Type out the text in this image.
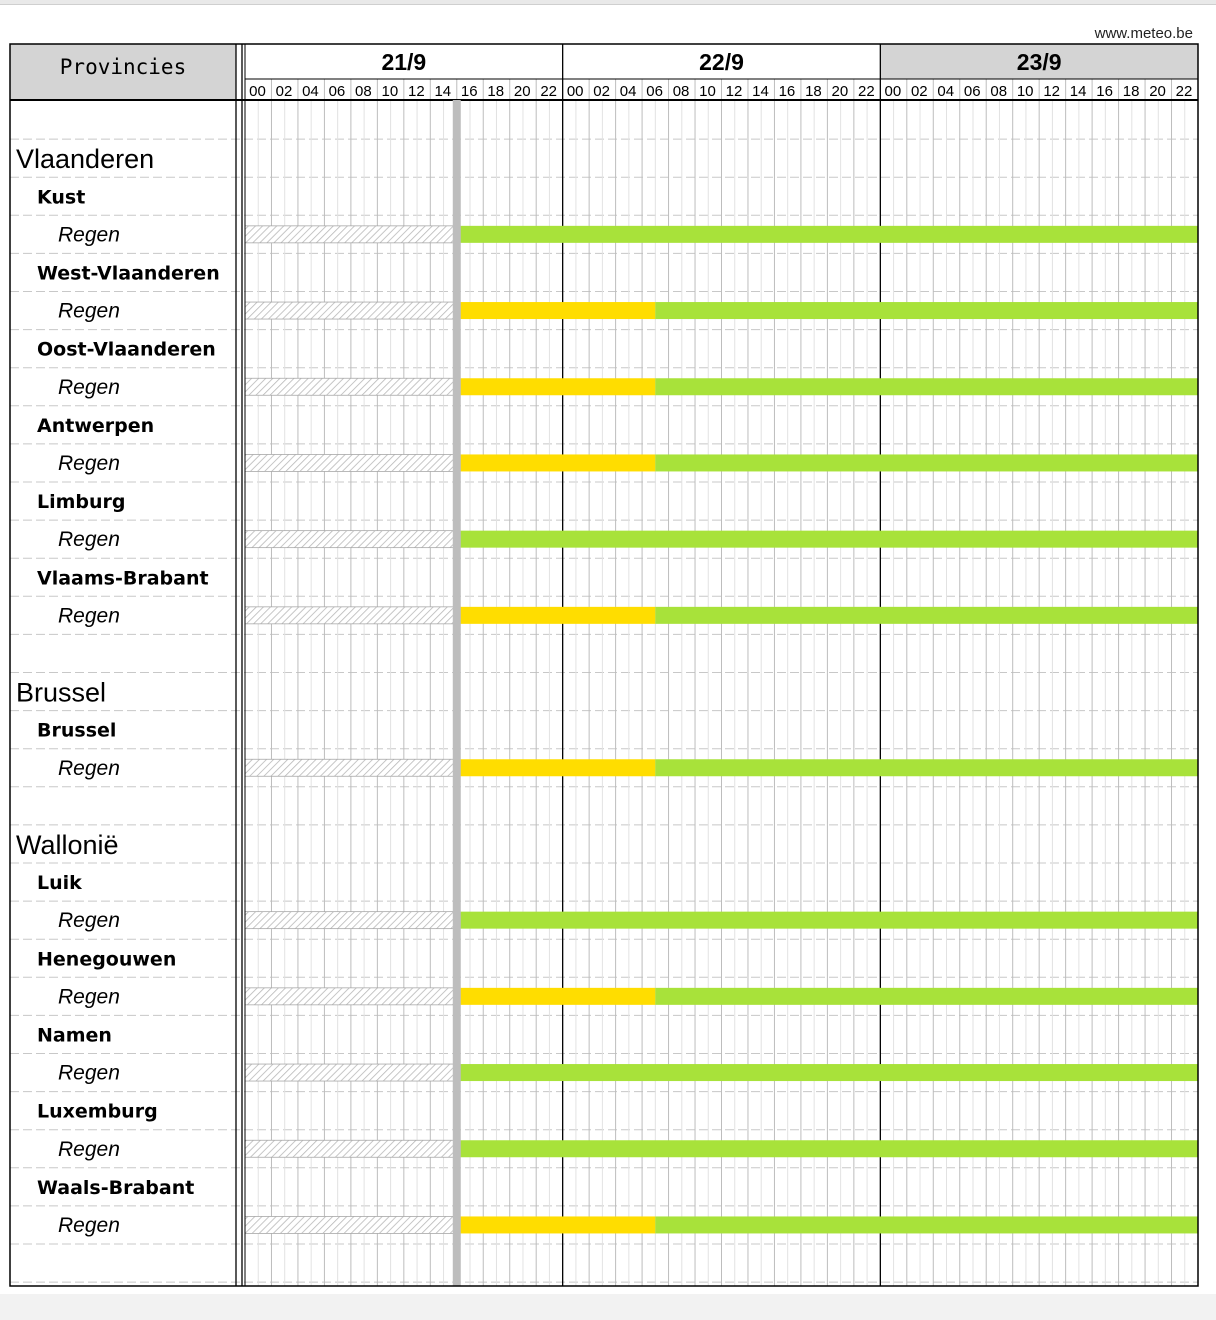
www.meteo.be
Provincies	21/9
00 02 04 06 08 10 12 14 16 18 20 22
22/9
00 02 04 06 08 10 12 14 16 18 20 22
23/9
00 02 04 06 08 10 12 14 16 18 20 22
Vlaanderen
Kust
Regen
West-Vlaanderen
Regen
Oost-Vlaanderen
Regen
Antwerpen
Regen
Limburg
Regen
Vlaams-Brabant
Regen
Brussel
Brussel
Regen
Wallonië
Luik
Regen
Henegouwen
Regen
Namen
Regen
Luxemburg
Regen
Waals-Brabant
Regen
